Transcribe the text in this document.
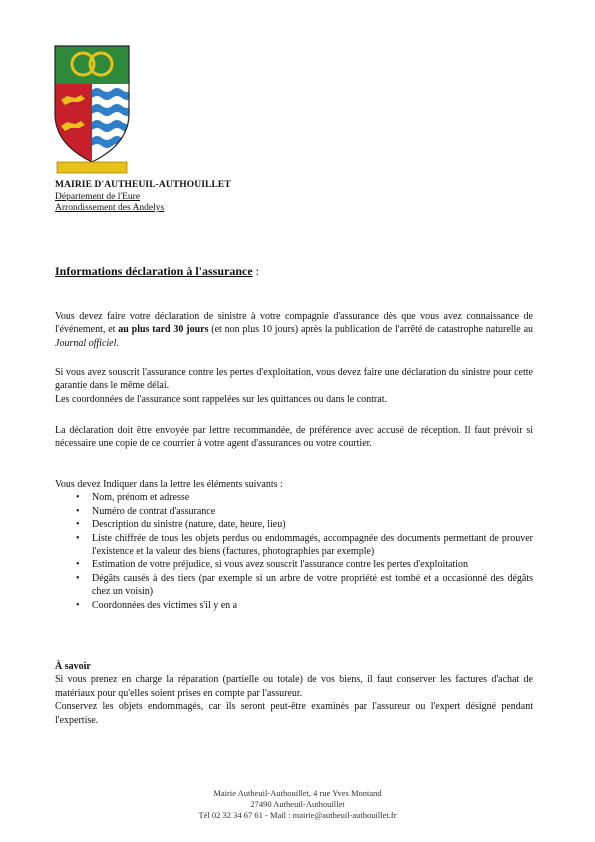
MAIRIE D'AUTHEUIL-AUTHOUILLET
Département de l'Eure
Arrondissement des Andelys
Informations déclaration à l'assurance :
Vous devez faire votre déclaration de sinistre à votre compagnie d'assurance dès que vous avez connaissance de l'événement, et au plus tard 30 jours (et non plus 10 jours) après la publication de l'arrêté de catastrophe naturelle au Journal officiel.

Si vous avez souscrit l'assurance contre les pertes d'exploitation, vous devez faire une déclaration du sinistre pour cette garantie dans le même délai.

Les coordonnées de l'assurance sont rappelées sur les quittances ou dans le contrat.

La déclaration doit être envoyée par lettre recommandée, de préférence avec accusé de réception. Il faut prévoir si nécessaire une copie de ce courrier à votre agent d'assurances ou votre courtier.

Vous devez Indiquer dans la lettre les éléments suivants :

• Nom, prénom et adresse
• Numéro de contrat d'assurance
• Description du sinistre (nature, date, heure, lieu)
• Liste chiffrée de tous les objets perdus ou endommagés, accompagnée des documents permettant de prouver l'existence et la valeur des biens (factures, photographies par exemple)
• Estimation de votre préjudice, si vous avez souscrit l'assurance contre les pertes d'exploitation
• Dégâts causés à des tiers (par exemple si un arbre de votre propriété est tombé et a occasionné des dégâts chez un voisin)
• Coordonnées des victimes s'il y en a

À savoir

Si vous prenez en charge la réparation (partielle ou totale) de vos biens, il faut conserver les factures d'achat de matériaux pour qu'elles soient prises en compte par l'assureur.

Conservez les objets endommagés, car ils seront peut-être examinés par l'assureur ou l'expert désigné pendant l'expertise.

Mairie Autheuil-Authouillet, 4 rue Yves Montand
27490 Autheuil-Authouillet
Tél 02 32 34 67 61 - Mail : mairie@autheuil-authouillet.fr
